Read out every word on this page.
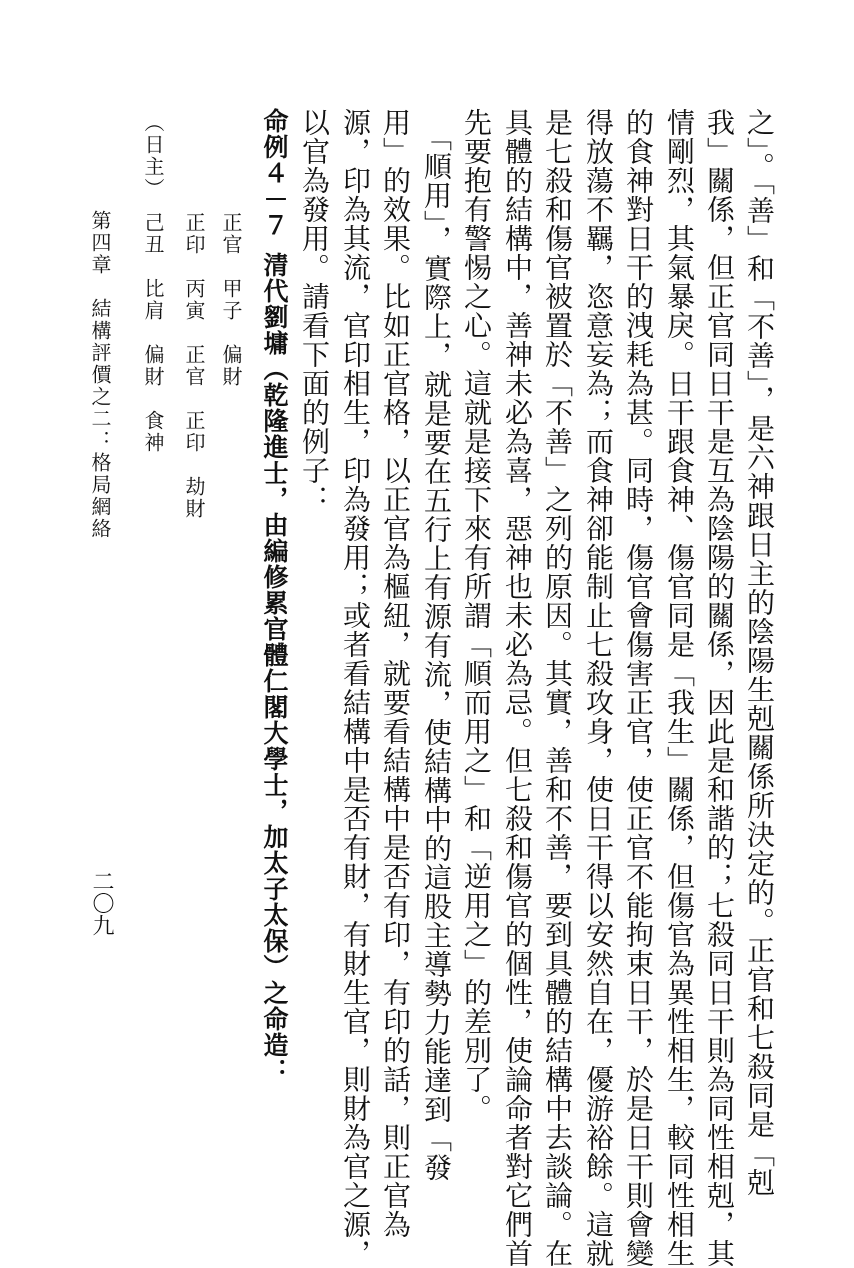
之」。「善」和「不善」，是六神跟日主的陰陽生剋關係所決定的。正官和七殺同是「剋
我」關係，但正官同日干是互為陰陽的關係，因此是和諧的；七殺同日干則為同性相剋，其
情剛烈，其氣暴戾。日干跟食神、傷官同是「我生」關係，但傷官為異性相生，較同性相生
的食神對日干的洩耗為甚。同時，傷官會傷害正官，使正官不能拘束日干，於是日干則會變
得放蕩不羈，恣意妄為；而食神卻能制止七殺攻身，使日干得以安然自在，優游裕餘。這就
是七殺和傷官被置於「不善」之列的原因。其實，善和不善，要到具體的結構中去談論。在
具體的結構中，善神未必為喜，惡神也未必為忌。但七殺和傷官的個性，使論命者對它們首
先要抱有警惕之心。這就是接下來有所謂「順而用之」和「逆用之」的差別了。
　「順用」，實際上，就是要在五行上有源有流，使結構中的這股主導勢力能達到「發
用」的效果。比如正官格，以正官為樞紐，就要看結構中是否有印，有印的話，則正官為
源，印為其流，官印相生，印為發用；或者看結構中是否有財，有財生官，則財為官之源，
以官為發用。請看下面的例子：
命例４－７清代劉墉（乾隆進士，由編修累官體仁閣大學士，加太子太保）之命造：
正官　甲子　偏財
正印　丙寅　正官　正印　劫財
（日主）　己丑　比肩　偏財　食神
第四章　結構評價之二：格局網絡
二〇九
